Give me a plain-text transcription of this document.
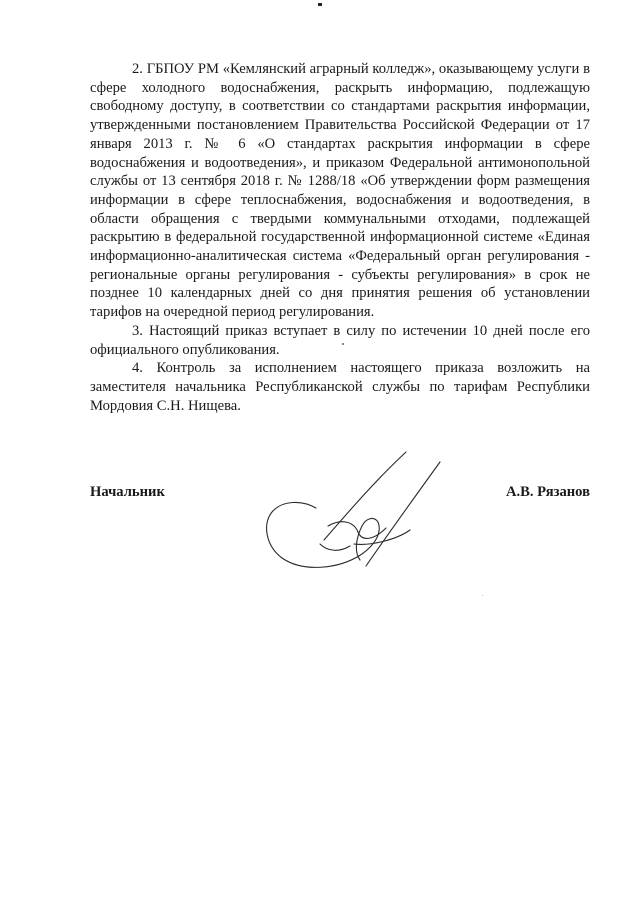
2. ГБПОУ РМ «Кемлянский аграрный колледж», оказывающему услуги в сфере холодного водоснабжения, раскрыть информацию, подлежащую свободному доступу, в соответствии со стандартами раскрытия информации, утвержденными постановлением Правительства Российской Федерации от 17 января 2013 г. № 6 «О стандартах раскрытия информации в сфере водоснабжения и водоотведения», и приказом Федеральной антимонопольной службы от 13 сентября 2018 г. № 1288/18 «Об утверждении форм размещения информации в сфере теплоснабжения, водоснабжения и водоотведения, в области обращения с твердыми коммунальными отходами, подлежащей раскрытию в федеральной государственной информационной системе «Единая информационно-аналитическая система «Федеральный орган регулирования - региональные органы регулирования - субъекты регулирования» в срок не позднее 10 календарных дней со дня принятия решения об установлении тарифов на очередной период регулирования.

3. Настоящий приказ вступает в силу по истечении 10 дней после его официального опубликования.

4. Контроль за исполнением настоящего приказа возложить на заместителя начальника Республиканской службы по тарифам Республики Мордовия С.Н. Нищева.

Начальник	А.В. Рязанов
